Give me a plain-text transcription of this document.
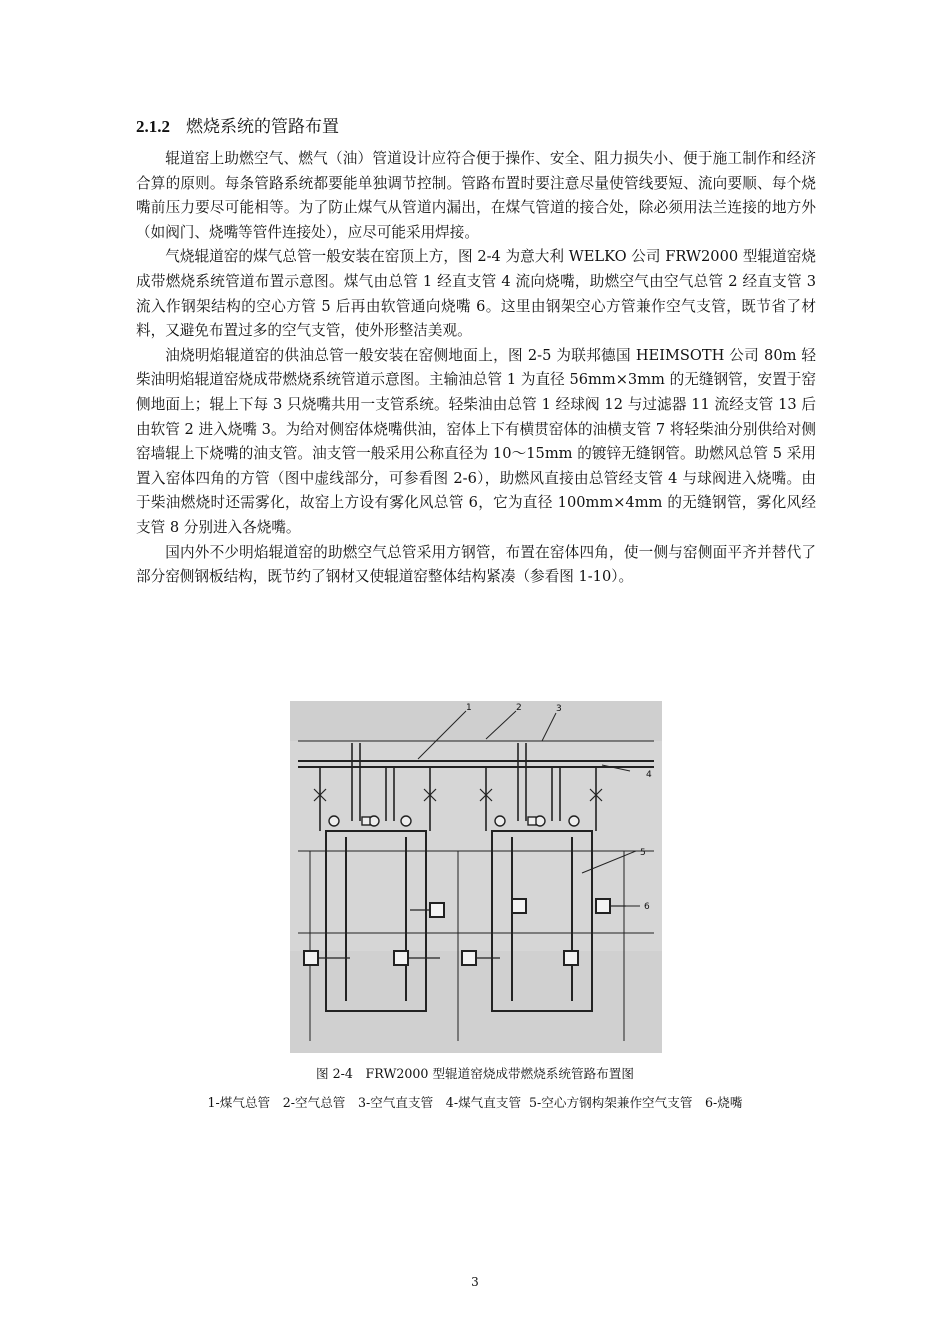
2.1.2 燃烧系统的管路布置

辊道窑上助燃空气、燃气（油）管道设计应符合便于操作、安全、阻力损失小、便于施工制作和经济合算的原则。每条管路系统都要能单独调节控制。管路布置时要注意尽量使管线要短、流向要顺、每个烧嘴前压力要尽可能相等。为了防止煤气从管道内漏出，在煤气管道的接合处，除必须用法兰连接的地方外（如阀门、烧嘴等管件连接处），应尽可能采用焊接。

气烧辊道窑的煤气总管一般安装在窑顶上方，图 2-4 为意大利 WELKO 公司 FRW2000 型辊道窑烧成带燃烧系统管道布置示意图。煤气由总管 1 经直支管 4 流向烧嘴，助燃空气由空气总管 2 经直支管 3 流入作钢架结构的空心方管 5 后再由软管通向烧嘴 6。这里由钢架空心方管兼作空气支管，既节省了材料，又避免布置过多的空气支管，使外形整洁美观。

油烧明焰辊道窑的供油总管一般安装在窑侧地面上，图 2-5 为联邦德国 HEIMSOTH 公司 80m 轻柴油明焰辊道窑烧成带燃烧系统管道示意图。主输油总管 1 为直径 56mm×3mm 的无缝钢管，安置于窑侧地面上；辊上下每 3 只烧嘴共用一支管系统。轻柴油由总管 1 经球阀 12 与过滤器 11 流经支管 13 后由软管 2 进入烧嘴 3。为给对侧窑体烧嘴供油，窑体上下有横贯窑体的油横支管 7 将轻柴油分别供给对侧窑墙辊上下烧嘴的油支管。油支管一般采用公称直径为 10～15mm 的镀锌无缝钢管。助燃风总管 5 采用置入窑体四角的方管（图中虚线部分，可参看图 2-6），助燃风直接由总管经支管 4 与球阀进入烧嘴。由于柴油燃烧时还需雾化，故窑上方设有雾化风总管 6，它为直径 100mm×4mm 的无缝钢管，雾化风经支管 8 分别进入各烧嘴。

国内外不少明焰辊道窑的助燃空气总管采用方钢管，布置在窑体四角，使一侧与窑侧面平齐并替代了部分窑侧钢板结构，既节约了钢材又使辊道窑整体结构紧凑（参看图 1-10）。

1	2	3
4
5
6
图 2-4　FRW2000 型辊道窑烧成带燃烧系统管路布置图
1-煤气总管　2-空气总管　3-空气直支管　4-煤气直支管 5-空心方钢构架兼作空气支管　6-烧嘴
3
